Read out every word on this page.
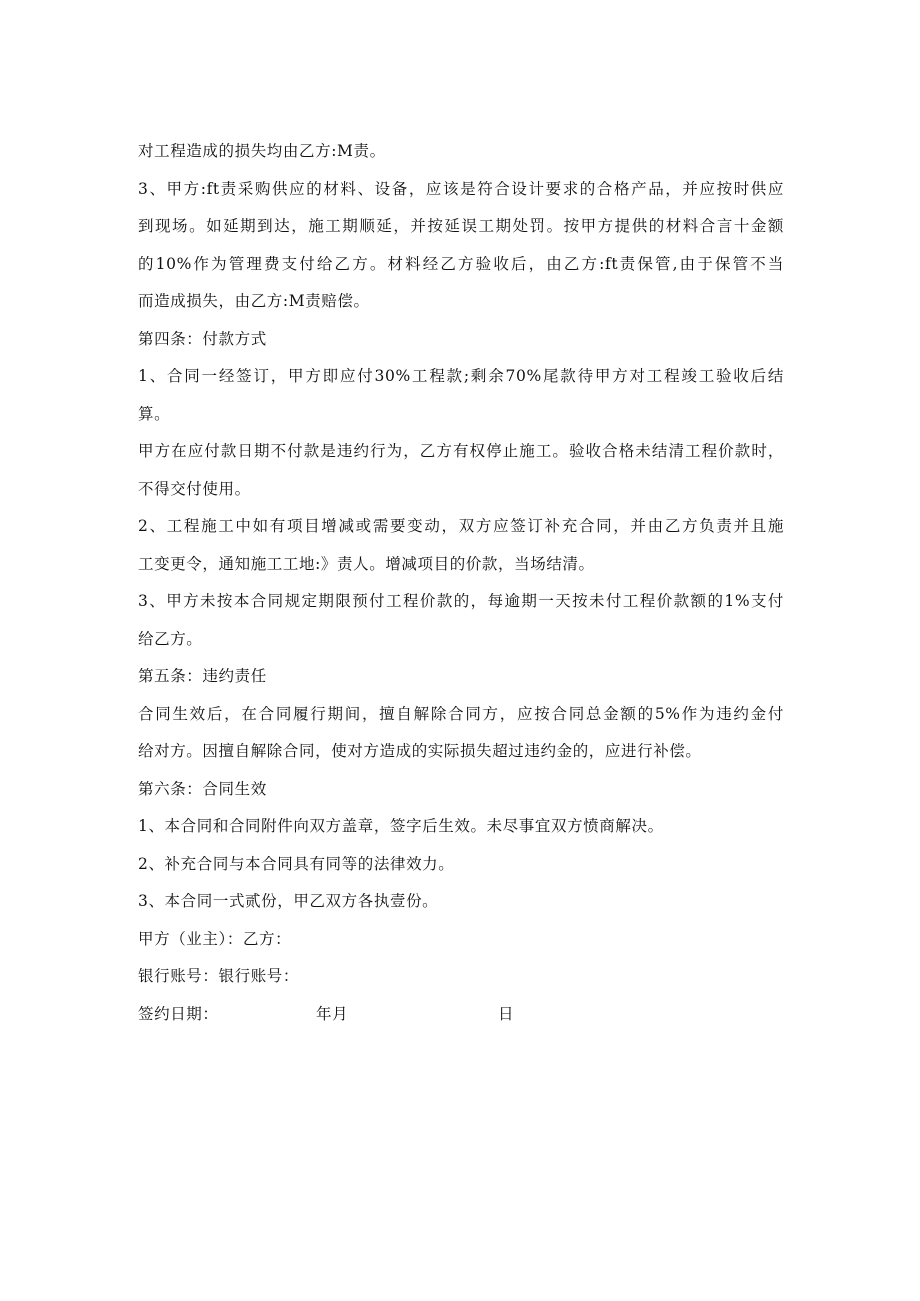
对工程造成的损失均由乙方:M责。

3、甲方:ft责采购供应的材料、设备，应该是符合设计要求的合格产品，并应按时供应

到现场。如延期到达，施工期顺延，并按延误工期处罚。按甲方提供的材料合言十金额

的10%作为管理费支付给乙方。材料经乙方验收后，由乙方:ft责保管,由于保管不当

而造成损失，由乙方:M责赔偿。

第四条：付款方式

1、合同一经签订，甲方即应付30%工程款;剩余70%尾款待甲方对工程竣工验收后结

算。

甲方在应付款日期不付款是违约行为，乙方有权停止施工。验收合格未结清工程价款时，

不得交付使用。

2、工程施工中如有项目增减或需要变动，双方应签订补充合同，并由乙方负责并且施

工变更令，通知施工工地:》责人。增减项目的价款，当场结清。

3、甲方未按本合同规定期限预付工程价款的，每逾期一天按未付工程价款额的1%支付

给乙方。

第五条：违约责任

合同生效后，在合同履行期间，擅自解除合同方，应按合同总金额的5%作为违约金付

给对方。因擅自解除合同，使对方造成的实际损失超过违约金的，应进行补偿。

第六条：合同生效

1、本合同和合同附件向双方盖章，签字后生效。未尽事宜双方愤商解决。

2、补充合同与本合同具有同等的法律效力。

3、本合同一式贰份，甲乙双方各执壹份。

甲方（业主）：乙方：

银行账号：银行账号：

签约日期：	年月	日
